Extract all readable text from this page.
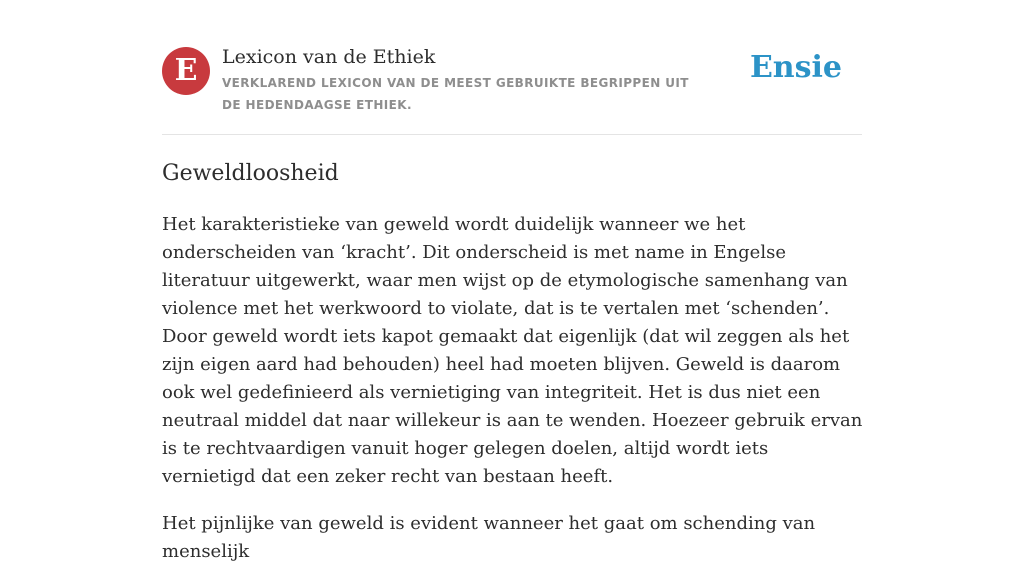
E	Lexicon van de Ethiek
VERKLAREND LEXICON VAN DE MEEST GEBRUIKTE BEGRIPPEN UIT DE HEDENDAAGSE ETHIEK.
Ensie
Geweldloosheid

Het karakteristieke van geweld wordt duidelijk wanneer we het onderscheiden van ‘kracht’. Dit onderscheid is met name in Engelse literatuur uitgewerkt, waar men wijst op de etymologische samenhang van violence met het werkwoord to violate, dat is te vertalen met ‘schenden’. Door geweld wordt iets kapot gemaakt dat eigenlijk (dat wil zeggen als het zijn eigen aard had behouden) heel had moeten blijven. Geweld is daarom ook wel gedefinieerd als vernietiging van integriteit. Het is dus niet een neutraal middel dat naar willekeur is aan te wenden. Hoezeer gebruik ervan is te rechtvaardigen vanuit hoger gelegen doelen, altijd wordt iets vernietigd dat een zeker recht van bestaan heeft.

Het pijnlijke van geweld is evident wanneer het gaat om schending van menselijk
